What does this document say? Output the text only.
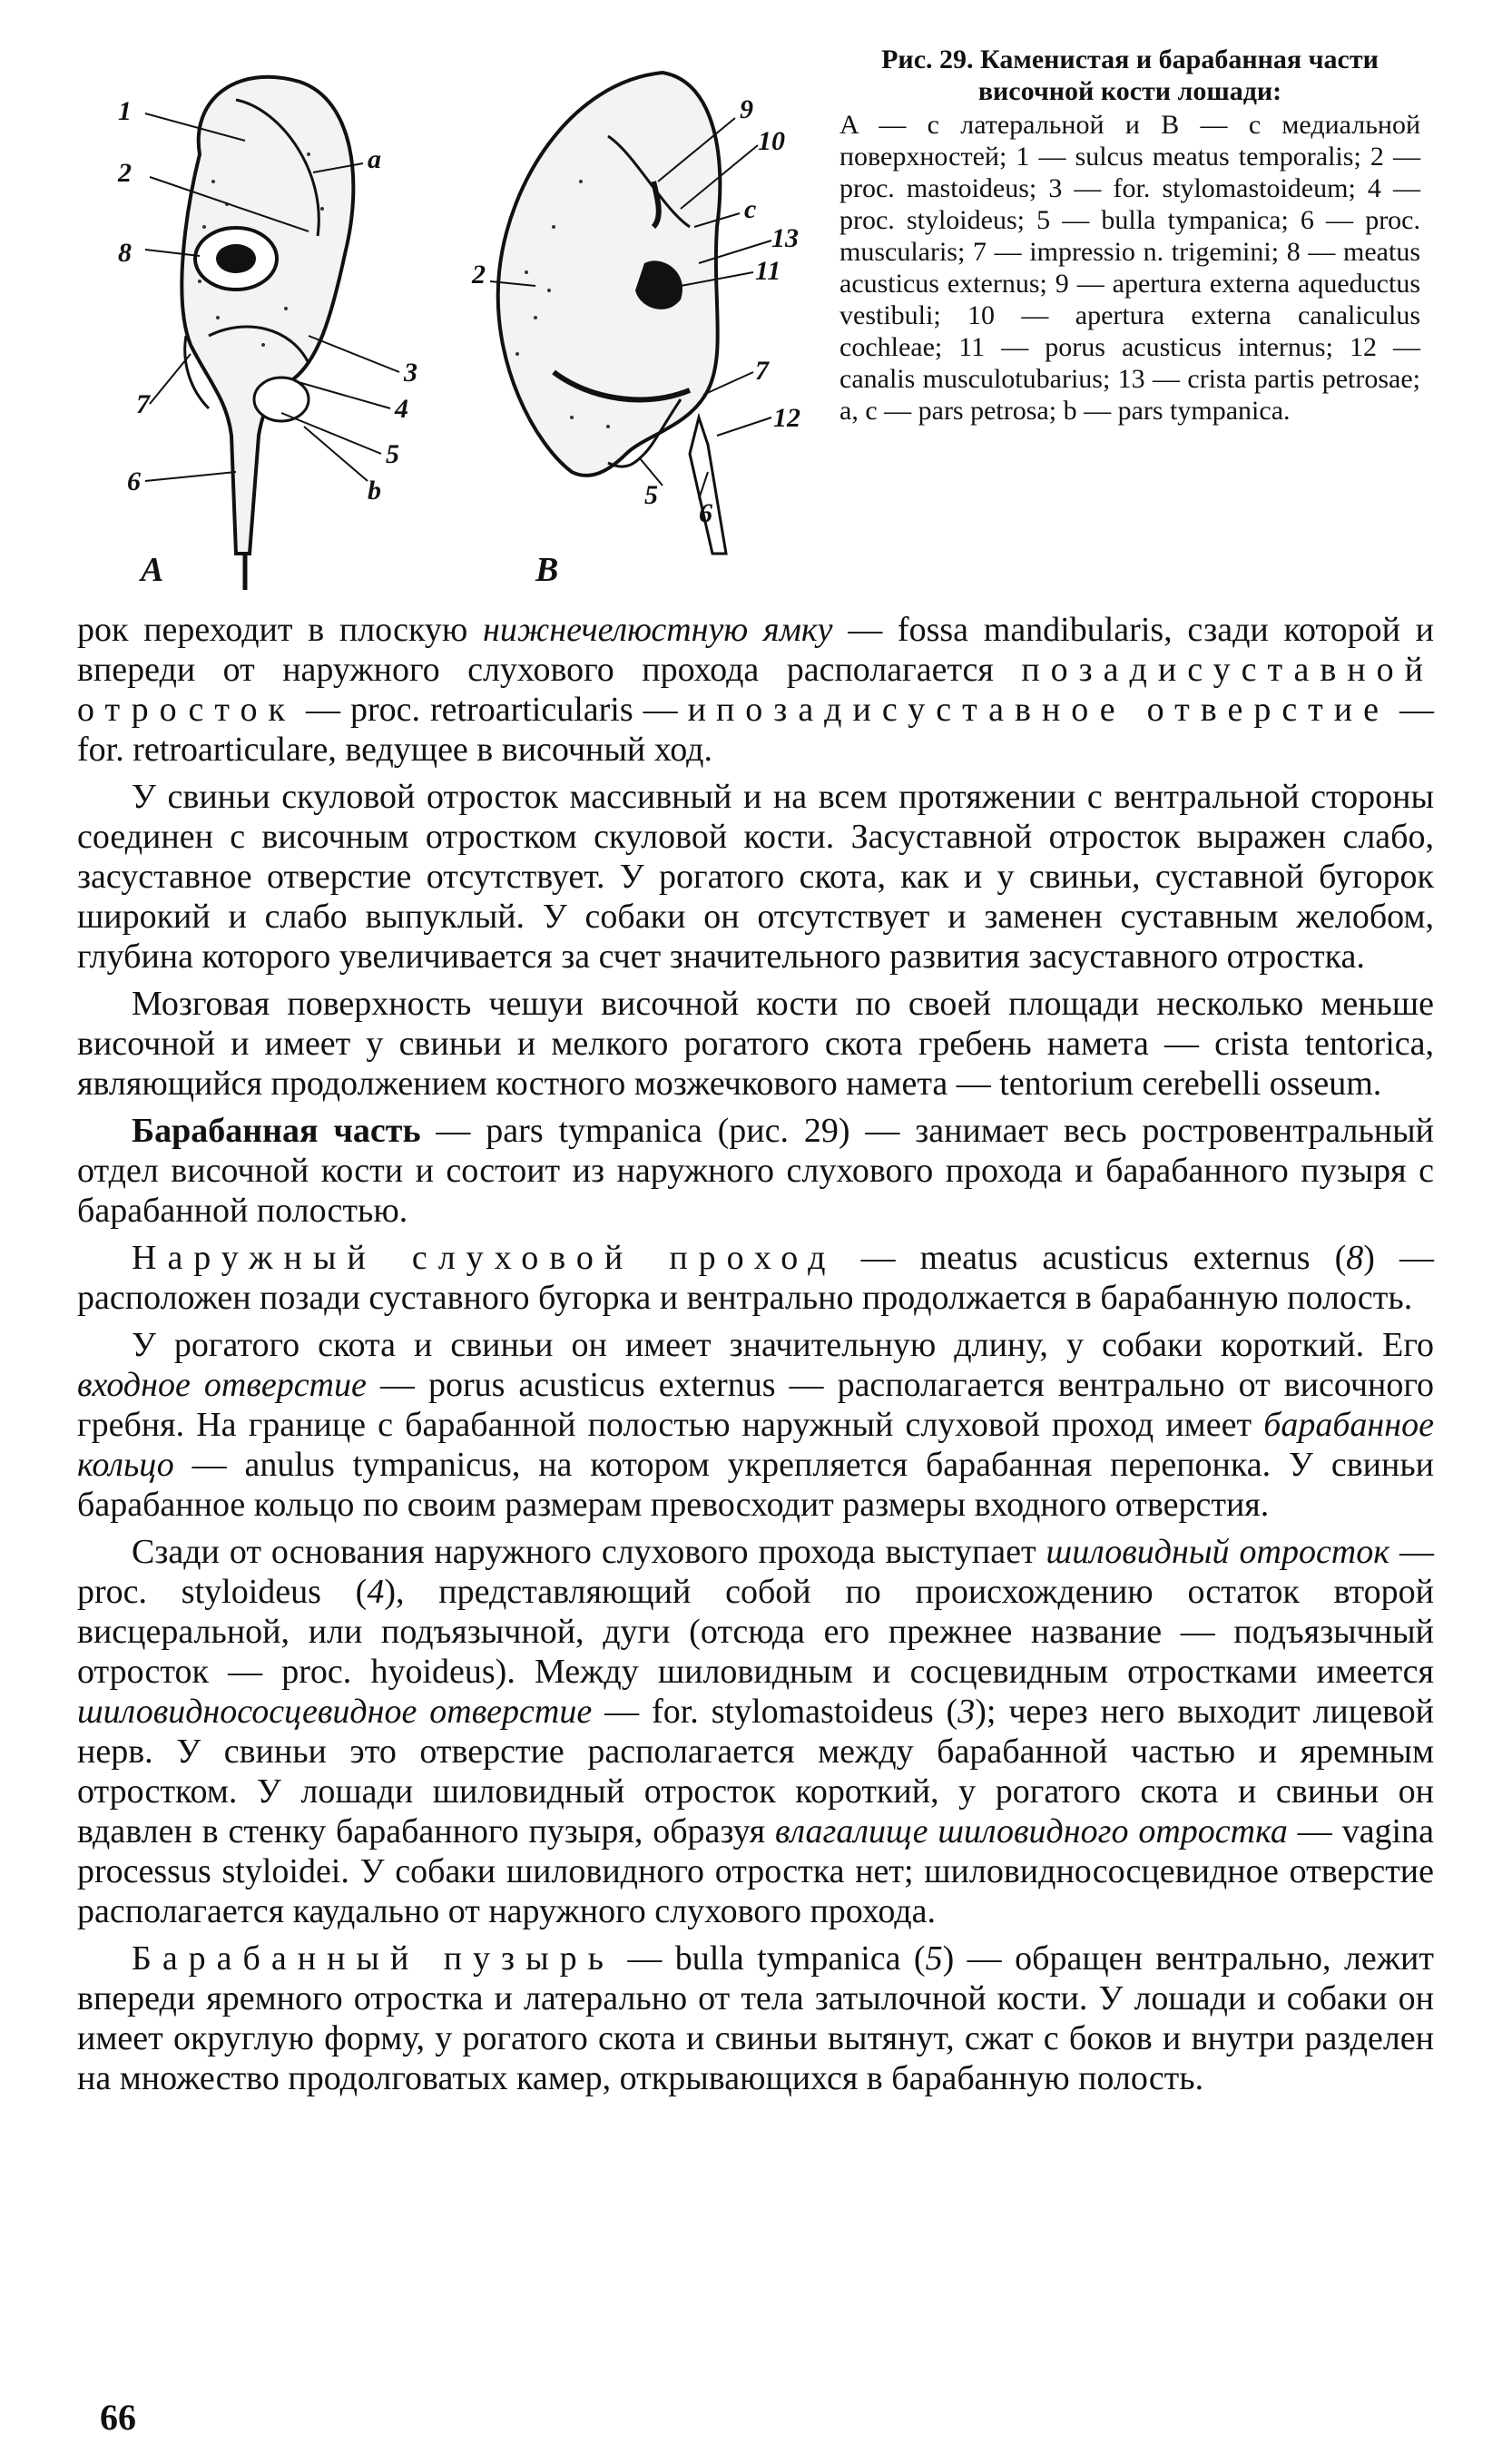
1
2
8
7
6
a
3
4
5
b
A
9
10
c
13
11
2
7
12
5
6
B
Рис. 29. Каменистая и барабанная части височной кости лошади:
A — с латеральной и B — с медиальной поверхностей; 1 — sulcus meatus temporalis; 2 — proc. mastoideus; 3 — for. stylomastoideum; 4 — proc. styloideus; 5 — bulla tympanica; 6 — proc. muscularis; 7 — impressio n. trigemini; 8 — meatus acusticus externus; 9 — apertura externa aqueductus vestibuli; 10 — apertura externa canaliculus cochleae; 11 — porus acusticus internus; 12 — canalis musculotubarius; 13 — crista partis petrosae; a, c — pars petrosa; b — pars tympanica.

рок переходит в плоскую нижнечелюстную ямку — fossa mandibularis, сзади которой и впереди от наружного слухового прохода располагается позадисуставной отросток — proc. retroarticularis — и позадисуставное отверстие — for. retroarticulare, ведущее в височный ход.

У свиньи скуловой отросток массивный и на всем протяжении с вентральной стороны соединен с височным отростком скуловой кости. Засуставной отросток выражен слабо, засуставное отверстие отсутствует. У рогатого скота, как и у свиньи, суставной бугорок широкий и слабо выпуклый. У собаки он отсутствует и заменен суставным желобом, глубина которого увеличивается за счет значительного развития засуставного отростка.

Мозговая поверхность чешуи височной кости по своей площади несколько меньше височной и имеет у свиньи и мелкого рогатого скота гребень намета — crista tentorica, являющийся продолжением костного мозжечкового намета — tentorium cerebelli osseum.

Барабанная часть — pars tympanica (рис. 29) — занимает весь ростровентральный отдел височной кости и состоит из наружного слухового прохода и барабанного пузыря с барабанной полостью.

Наружный слуховой проход — meatus acusticus externus (8) — расположен позади суставного бугорка и вентрально продолжается в барабанную полость.

У рогатого скота и свиньи он имеет значительную длину, у собаки короткий. Его входное отверстие — porus acusticus externus — располагается вентрально от височного гребня. На границе с барабанной полостью наружный слуховой проход имеет барабанное кольцо — anulus tympanicus, на котором укрепляется барабанная перепонка. У свиньи барабанное кольцо по своим размерам превосходит размеры входного отверстия.

Сзади от основания наружного слухового прохода выступает шиловидный отросток — proc. styloideus (4), представляющий собой по происхождению остаток второй висцеральной, или подъязычной, дуги (отсюда его прежнее название — подъязычный отросток — proc. hyoideus). Между шиловидным и сосцевидным отростками имеется шиловиднососцевидное отверстие — for. stylomastoideus (3); через него выходит лицевой нерв. У свиньи это отверстие располагается между барабанной частью и яремным отростком. У лошади шиловидный отросток короткий, у рогатого скота и свиньи он вдавлен в стенку барабанного пузыря, образуя влагалище шиловидного отростка — vagina processus styloidei. У собаки шиловидного отростка нет; шиловиднососцевидное отверстие располагается каудально от наружного слухового прохода.

Барабанный пузырь — bulla tympanica (5) — обращен вентрально, лежит впереди яремного отростка и латерально от тела затылочной кости. У лошади и собаки он имеет округлую форму, у рогатого скота и свиньи вытянут, сжат с боков и внутри разделен на множество продолговатых камер, открывающихся в барабанную полость.

66
